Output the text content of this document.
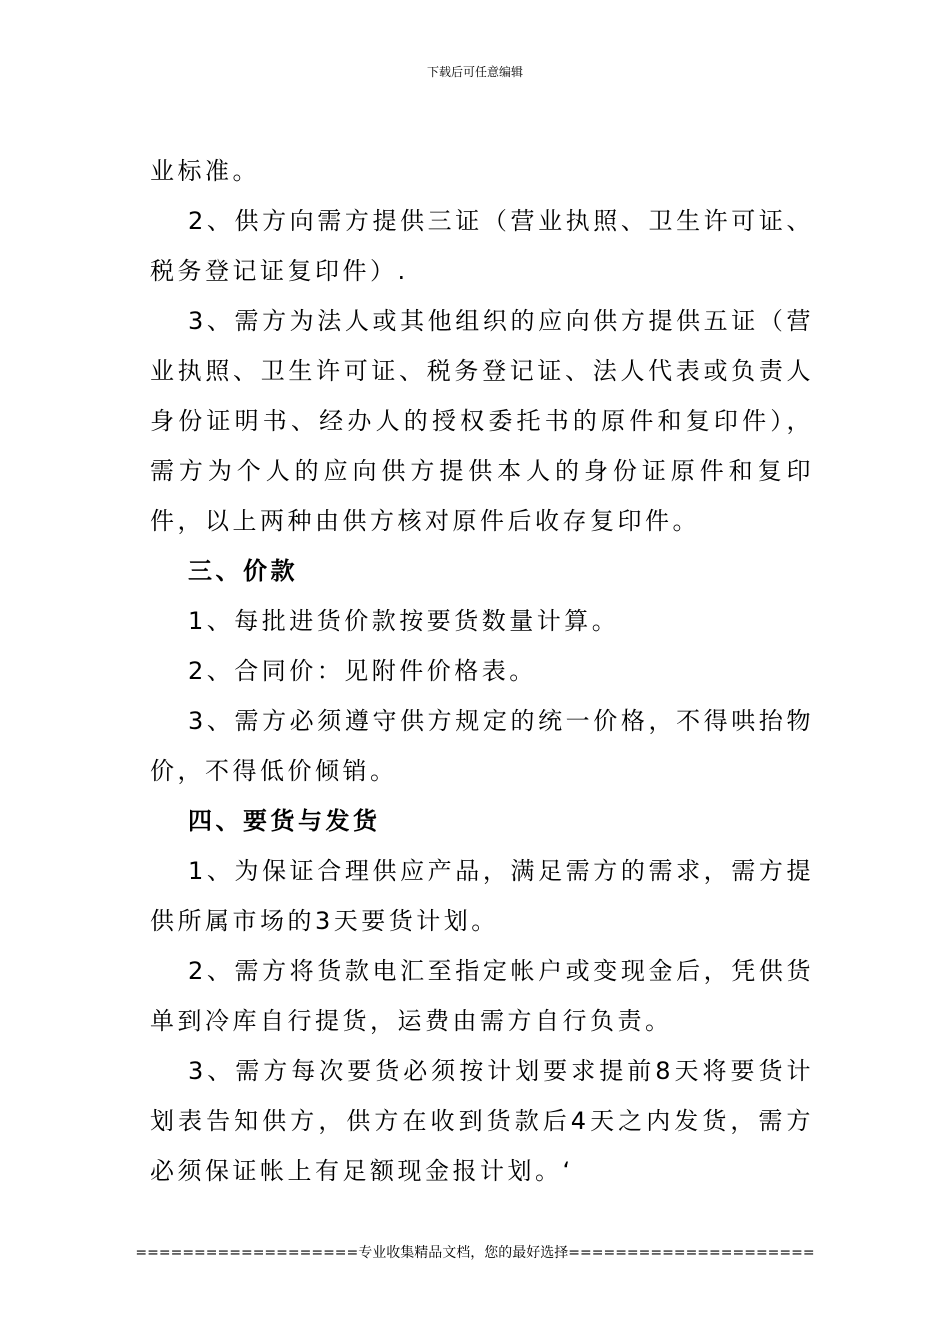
下载后可任意编辑

业标准。

2、供方向需方提供三证（营业执照、卫生许可证、税务登记证复印件）.

3、需方为法人或其他组织的应向供方提供五证（营业执照、卫生许可证、税务登记证、法人代表或负责人身份证明书、经办人的授权委托书的原件和复印件），需方为个人的应向供方提供本人的身份证原件和复印件，以上两种由供方核对原件后收存复印件。

三、价款

1、每批进货价款按要货数量计算。

2、合同价：见附件价格表。

3、需方必须遵守供方规定的统一价格，不得哄抬物价，不得低价倾销。

四、要货与发货

1、为保证合理供应产品，满足需方的需求，需方提供所属市场的3天要货计划。

2、需方将货款电汇至指定帐户或变现金后，凭供货单到冷库自行提货，运费由需方自行负责。

3、需方每次要货必须按计划要求提前8天将要货计划表告知供方，供方在收到货款后4天之内发货，需方必须保证帐上有足额现金报计划。‘

===================专业收集精品文档，您的最好选择=====================
